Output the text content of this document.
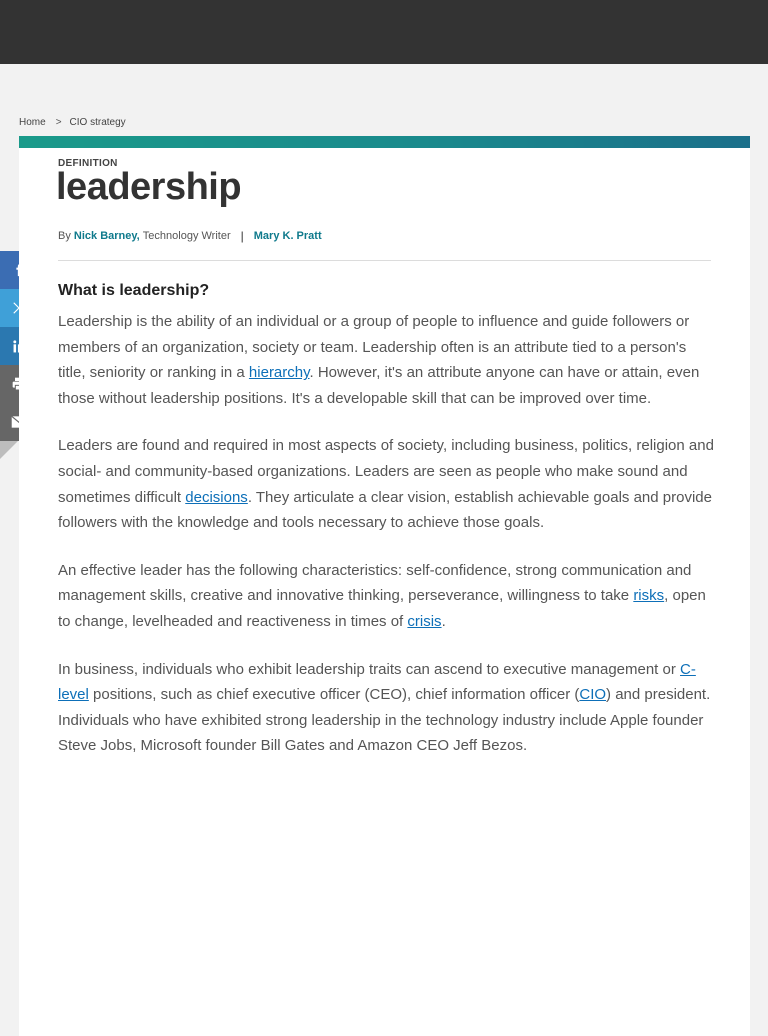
Home > CIO strategy
DEFINITION
leadership
By
Nick Barney,
Technology Writer | Mary K. Pratt
What is leadership?

Leadership is the ability of an individual or a group of people to influence and guide followers or members of an organization, society or team. Leadership often is an attribute tied to a person's title, seniority or ranking in a hierarchy. However, it's an attribute anyone can have or attain, even those without leadership positions. It's a developable skill that can be improved over time.

Leaders are found and required in most aspects of society, including business, politics, religion and social- and community-based organizations. Leaders are seen as people who make sound and sometimes difficult decisions. They articulate a clear vision, establish achievable goals and provide followers with the knowledge and tools necessary to achieve those goals.

An effective leader has the following characteristics: self-confidence, strong communication and management skills, creative and innovative thinking, perseverance, willingness to take risks, open to change, levelheaded and reactiveness in times of crisis.

In business, individuals who exhibit leadership traits can ascend to executive management or C-level positions, such as chief executive officer (CEO), chief information officer (CIO) and president. Individuals who have exhibited strong leadership in the technology industry include Apple founder Steve Jobs, Microsoft founder Bill Gates and Amazon CEO Jeff Bezos.
